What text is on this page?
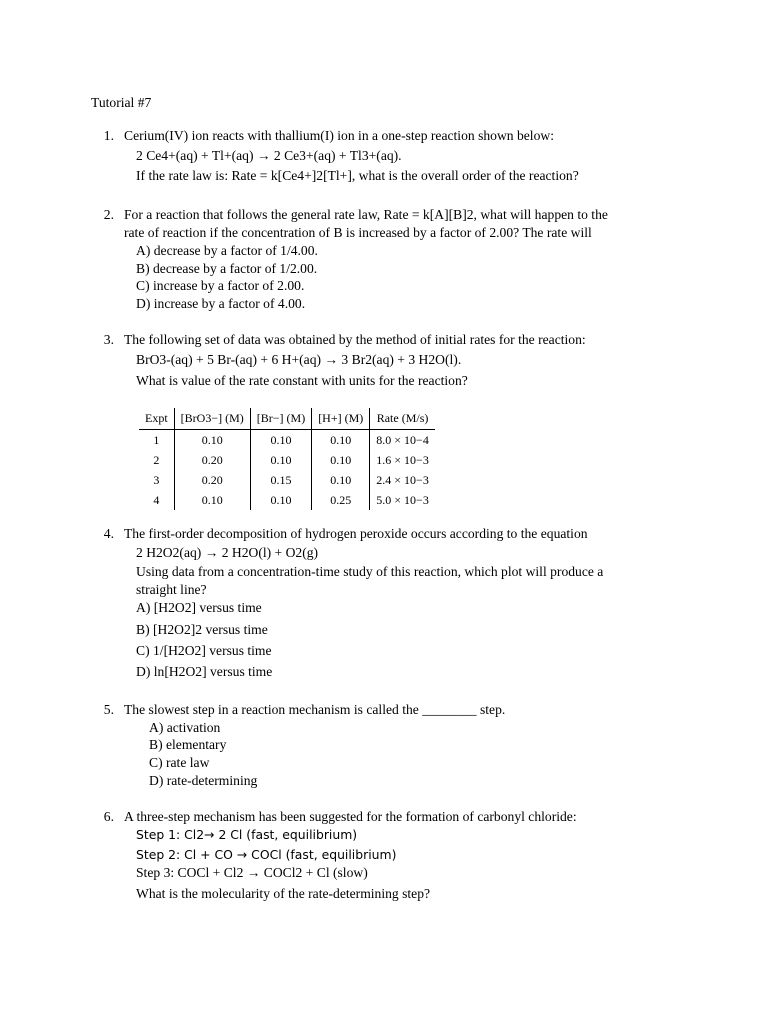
Tutorial #7
1. Cerium(IV) ion reacts with thallium(I) ion in a one-step reaction shown below:
2 Ce4+(aq) + Tl+(aq) → 2 Ce3+(aq) + Tl3+(aq).
If the rate law is: Rate = k[Ce4+]2[Tl+], what is the overall order of the reaction?
2. For a reaction that follows the general rate law, Rate = k[A][B]2, what will happen to the
rate of reaction if the concentration of B is increased by a factor of 2.00? The rate will
A) decrease by a factor of 1/4.00.
B) decrease by a factor of 1/2.00.
C) increase by a factor of 2.00.
D) increase by a factor of 4.00.
3. The following set of data was obtained by the method of initial rates for the reaction:
BrO3-(aq) + 5 Br-(aq) + 6 H+(aq) → 3 Br2(aq) + 3 H2O(l).
What is value of the rate constant with units for the reaction?
Expt	[BrO3−] (M)	[Br−] (M)	[H+] (M)	Rate (M/s)
1	0.10	0.10	0.10	8.0 × 10−4
2	0.20	0.10	0.10	1.6 × 10−3
3	0.20	0.15	0.10	2.4 × 10−3
4	0.10	0.10	0.25	5.0 × 10−3
4. The first-order decomposition of hydrogen peroxide occurs according to the equation
2 H2O2(aq) → 2 H2O(l) + O2(g)
Using data from a concentration-time study of this reaction, which plot will produce a
straight line?
A) [H2O2] versus time
B) [H2O2]2 versus time
C) 1/[H2O2] versus time
D) ln[H2O2] versus time
5. The slowest step in a reaction mechanism is called the ________ step.
A) activation
B) elementary
C) rate law
D) rate-determining
6. A three-step mechanism has been suggested for the formation of carbonyl chloride:
Step 1: Cl2→ 2 Cl (fast, equilibrium)
Step 2: Cl + CO → COCl (fast, equilibrium)
Step 3: COCl + Cl2 → COCl2 + Cl (slow)
What is the molecularity of the rate-determining step?
